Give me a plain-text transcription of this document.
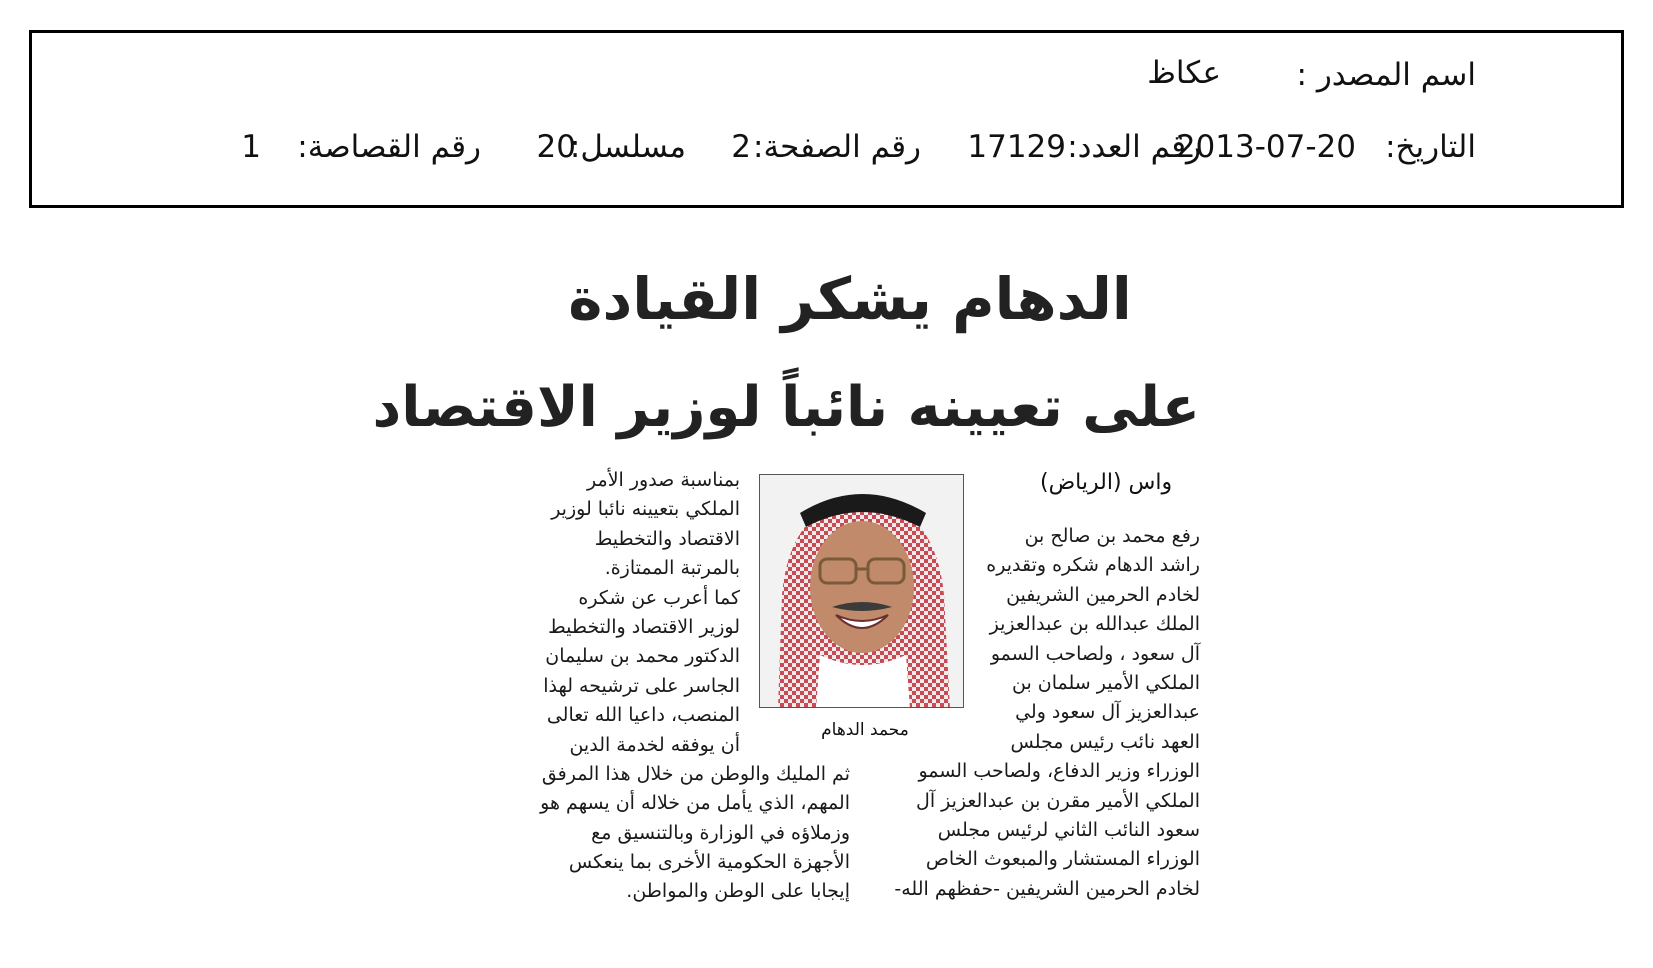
اسم المصدر :
عكاظ
التاريخ:
2013-07-20
رقم العدد:
17129
رقم الصفحة:
2
مسلسل:
20
رقم القصاصة:
1
الدهام يشكر القيادة
على تعيينه نائباً لوزير الاقتصاد
واس (الرياض)
محمد الدهام
رفع محمد بن صالح بن
راشد الدهام شكره وتقديره
لخادم الحرمين الشريفين
الملك عبدالله بن عبدالعزيز
آل سعود ، ولصاحب السمو
الملكي الأمير سلمان بن
عبدالعزيز آل سعود ولي
العهد نائب رئيس مجلس
الوزراء وزير الدفاع، ولصاحب السمو
الملكي الأمير مقرن بن عبدالعزيز آل
سعود النائب الثاني لرئيس مجلس
الوزراء المستشار والمبعوث الخاص
لخادم الحرمين الشريفين -حفظهم الله-
بمناسبة صدور الأمر
الملكي بتعيينه نائبا لوزير
الاقتصاد والتخطيط
بالمرتبة الممتازة.
كما أعرب عن شكره
لوزير الاقتصاد والتخطيط
الدكتور محمد بن سليمان
الجاسر على ترشيحه لهذا
المنصب، داعيا الله تعالى
أن يوفقه لخدمة الدين
ثم المليك والوطن من خلال هذا المرفق
المهم، الذي يأمل من خلاله أن يسهم هو
وزملاؤه في الوزارة وبالتنسيق مع
الأجهزة الحكومية الأخرى بما ينعكس
إيجابا على الوطن والمواطن.
